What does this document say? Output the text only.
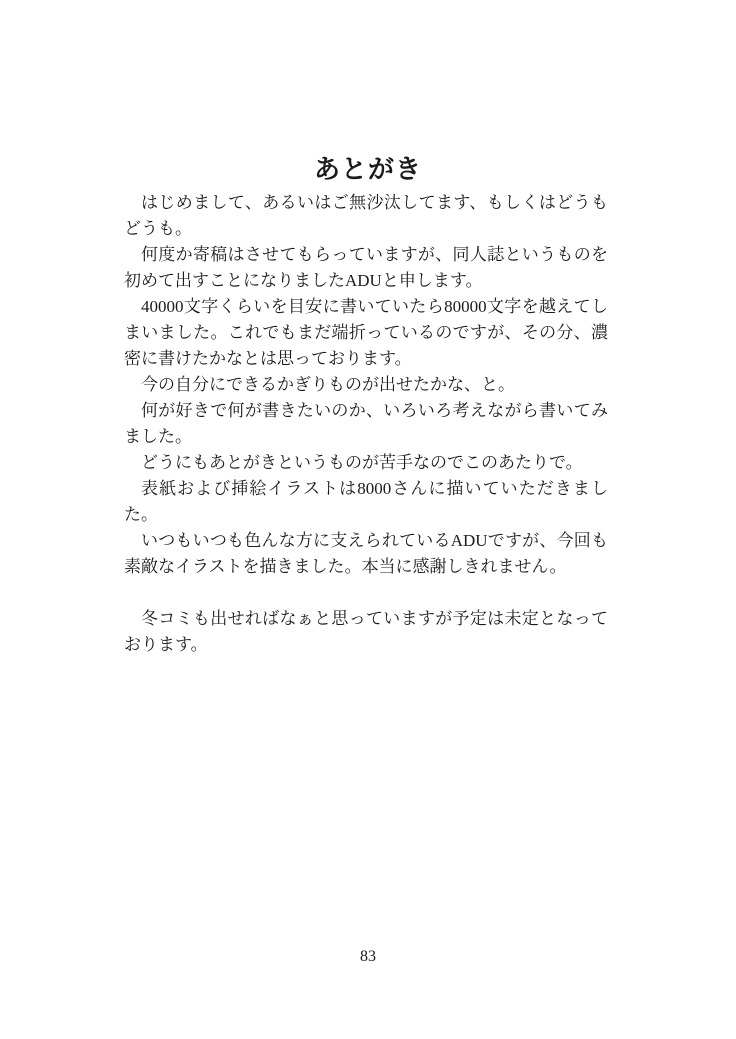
あとがき

はじめまして、あるいはご無沙汰してます、もしくはどうもどうも。

何度か寄稿はさせてもらっていますが、同人誌というものを初めて出すことになりましたADUと申します。

40000文字くらいを目安に書いていたら80000文字を越えてしまいました。これでもまだ端折っているのですが、その分、濃密に書けたかなとは思っております。

今の自分にできるかぎりものが出せたかな、と。

何が好きで何が書きたいのか、いろいろ考えながら書いてみました。

どうにもあとがきというものが苦手なのでこのあたりで。

表紙および挿絵イラストは8000さんに描いていただきました。

いつもいつも色んな方に支えられているADUですが、今回も素敵なイラストを描きました。本当に感謝しきれません。

冬コミも出せればなぁと思っていますが予定は未定となっております。

83
